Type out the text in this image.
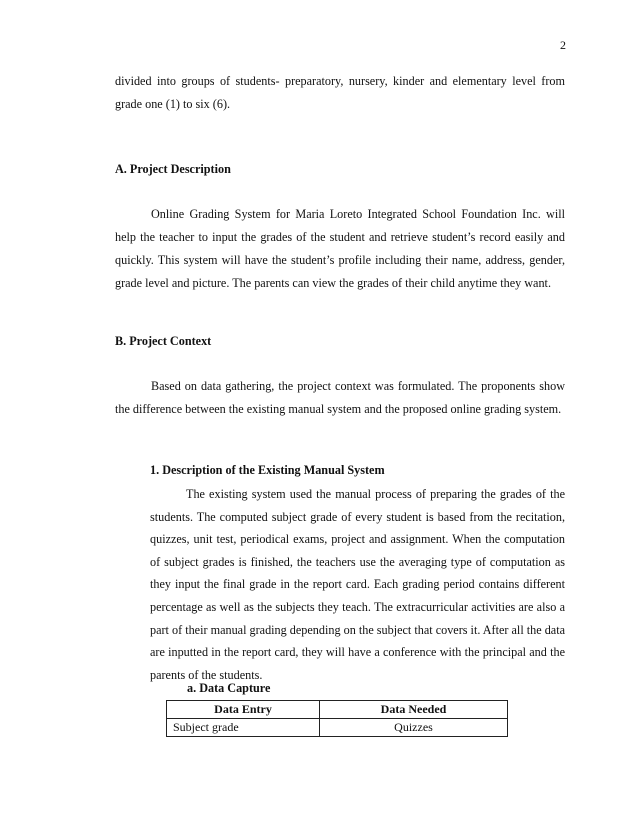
2

divided into groups of students- preparatory, nursery, kinder and elementary level from grade one (1) to six (6).

A. Project Description

Online Grading System for Maria Loreto Integrated School Foundation Inc. will help the teacher to input the grades of the student and retrieve student’s record easily and quickly. This system will have the student’s profile including their name, address, gender, grade level and picture. The parents can view the grades of their child anytime they want.

B. Project Context

Based on data gathering, the project context was formulated. The proponents show the difference between the existing manual system and the proposed online grading system.

1. Description of the Existing Manual System

The existing system used the manual process of preparing the grades of the students. The computed subject grade of every student is based from the recitation, quizzes, unit test, periodical exams, project and assignment. When the computation of subject grades is finished, the teachers use the averaging type of computation as they input the final grade in the report card. Each grading period contains different percentage as well as the subjects they teach. The extracurricular activities are also a part of their manual grading depending on the subject that covers it. After all the data are inputted in the report card, they will have a conference with the principal and the parents of the students.

a. Data Capture

Data Entry	Data Needed
Subject grade	Quizzes
